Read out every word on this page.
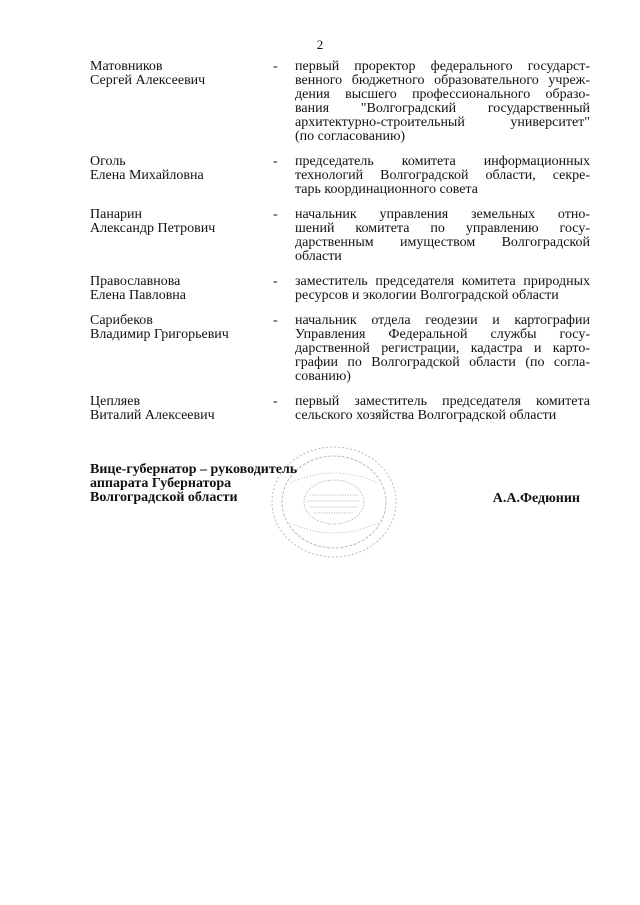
2
Матовников
Сергей Алексеевич
-	первый проректор федерального государст-
венного бюджетного образовательного учреж-
дения высшего профессионального образо-
вания "Волгоградский государственный
архитектурно-строительный университет"
(по согласованию)
Оголь
Елена Михайловна
-	председатель комитета информационных
технологий Волгоградской области, секре-
тарь координационного совета
Панарин
Александр Петрович
-	начальник управления земельных отно-
шений комитета по управлению госу-
дарственным имуществом Волгоградской
области
Православнова
Елена Павловна
-	заместитель председателя комитета природных
ресурсов и экологии Волгоградской области
Сарибеков
Владимир Григорьевич
-	начальник отдела геодезии и картографии
Управления Федеральной службы госу-
дарственной регистрации, кадастра и карто-
графии по Волгоградской области (по согла-
сованию)
Цепляев
Виталий Алексеевич
-	первый заместитель председателя комитета
сельского хозяйства Волгоградской области
Вице-губернатор – руководитель
аппарата Губернатора
Волгоградской области	А.А.Федюнин
